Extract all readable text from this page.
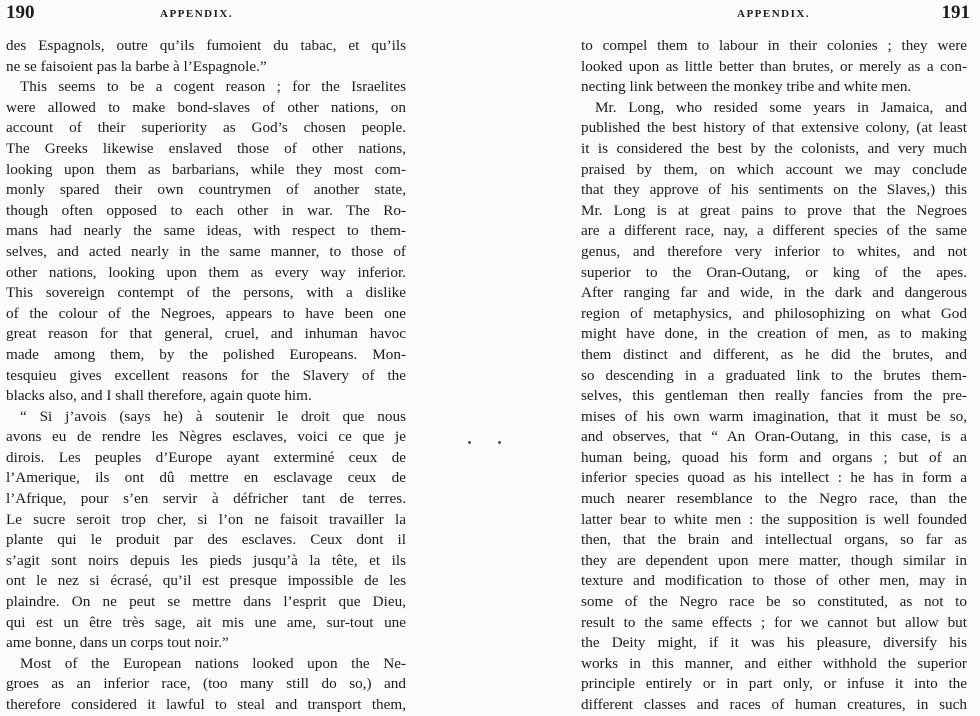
190	APPENDIX.
des Espagnols, outre qu’ils fumoient du tabac, et qu’ils
ne se faisoient pas la barbe à l’Espagnole.”
This seems to be a cogent reason ; for the Israelites
were allowed to make bond-slaves of other nations, on
account of their superiority as God’s chosen people.
The Greeks likewise enslaved those of other nations,
looking upon them as barbarians, while they most com-
monly spared their own countrymen of another state,
though often opposed to each other in war. The Ro-
mans had nearly the same ideas, with respect to them-
selves, and acted nearly in the same manner, to those of
other nations, looking upon them as every way inferior.
This sovereign contempt of the persons, with a dislike
of the colour of the Negroes, appears to have been one
great reason for that general, cruel, and inhuman havoc
made among them, by the polished Europeans. Mon-
tesquieu gives excellent reasons for the Slavery of the
blacks also, and I shall therefore, again quote him.
“ Si j’avois (says he) à soutenir le droit que nous
avons eu de rendre les Nègres esclaves, voici ce que je
dirois. Les peuples d’Europe ayant exterminé ceux de
l’Amerique, ils ont dû mettre en esclavage ceux de
l’Afrique, pour s’en servir à défricher tant de terres.
Le sucre seroit trop cher, si l’on ne faisoit travailler la
plante qui le produit par des esclaves. Ceux dont il
s’agit sont noirs depuis les pieds jusqu’à la tête, et ils
ont le nez si écrasé, qu’il est presque impossible de les
plaindre. On ne peut se mettre dans l’esprit que Dieu,
qui est un être très sage, ait mis une ame, sur-tout une
ame bonne, dans un corps tout noir.”
Most of the European nations looked upon the Ne-
groes as an inferior race, (too many still do so,) and
therefore considered it lawful to steal and transport them,
APPENDIX.	191
to compel them to labour in their colonies ; they were
looked upon as little better than brutes, or merely as a con-
necting link between the monkey tribe and white men.
Mr. Long, who resided some years in Jamaica, and
published the best history of that extensive colony, (at least
it is considered the best by the colonists, and very much
praised by them, on which account we may conclude
that they approve of his sentiments on the Slaves,) this
Mr. Long is at great pains to prove that the Negroes
are a different race, nay, a different species of the same
genus, and therefore very inferior to whites, and not
superior to the Oran-Outang, or king of the apes.
After ranging far and wide, in the dark and dangerous
region of metaphysics, and philosophizing on what God
might have done, in the creation of men, as to making
them distinct and different, as he did the brutes, and
so descending in a graduated link to the brutes them-
selves, this gentleman then really fancies from the pre-
mises of his own warm imagination, that it must be so,
and observes, that “ An Oran-Outang, in this case, is a
human being, quoad his form and organs ; but of an
inferior species quoad as his intellect : he has in form a
much nearer resemblance to the Negro race, than the
latter bear to white men : the supposition is well founded
then, that the brain and intellectual organs, so far as
they are dependent upon mere matter, though similar in
texture and modification to those of other men, may in
some of the Negro race be so constituted, as not to
result to the same effects ; for we cannot but allow but
the Deity might, if it was his pleasure, diversify his
works in this manner, and either withhold the superior
principle entirely or in part only, or infuse it into the
different classes and races of human creatures, in such
